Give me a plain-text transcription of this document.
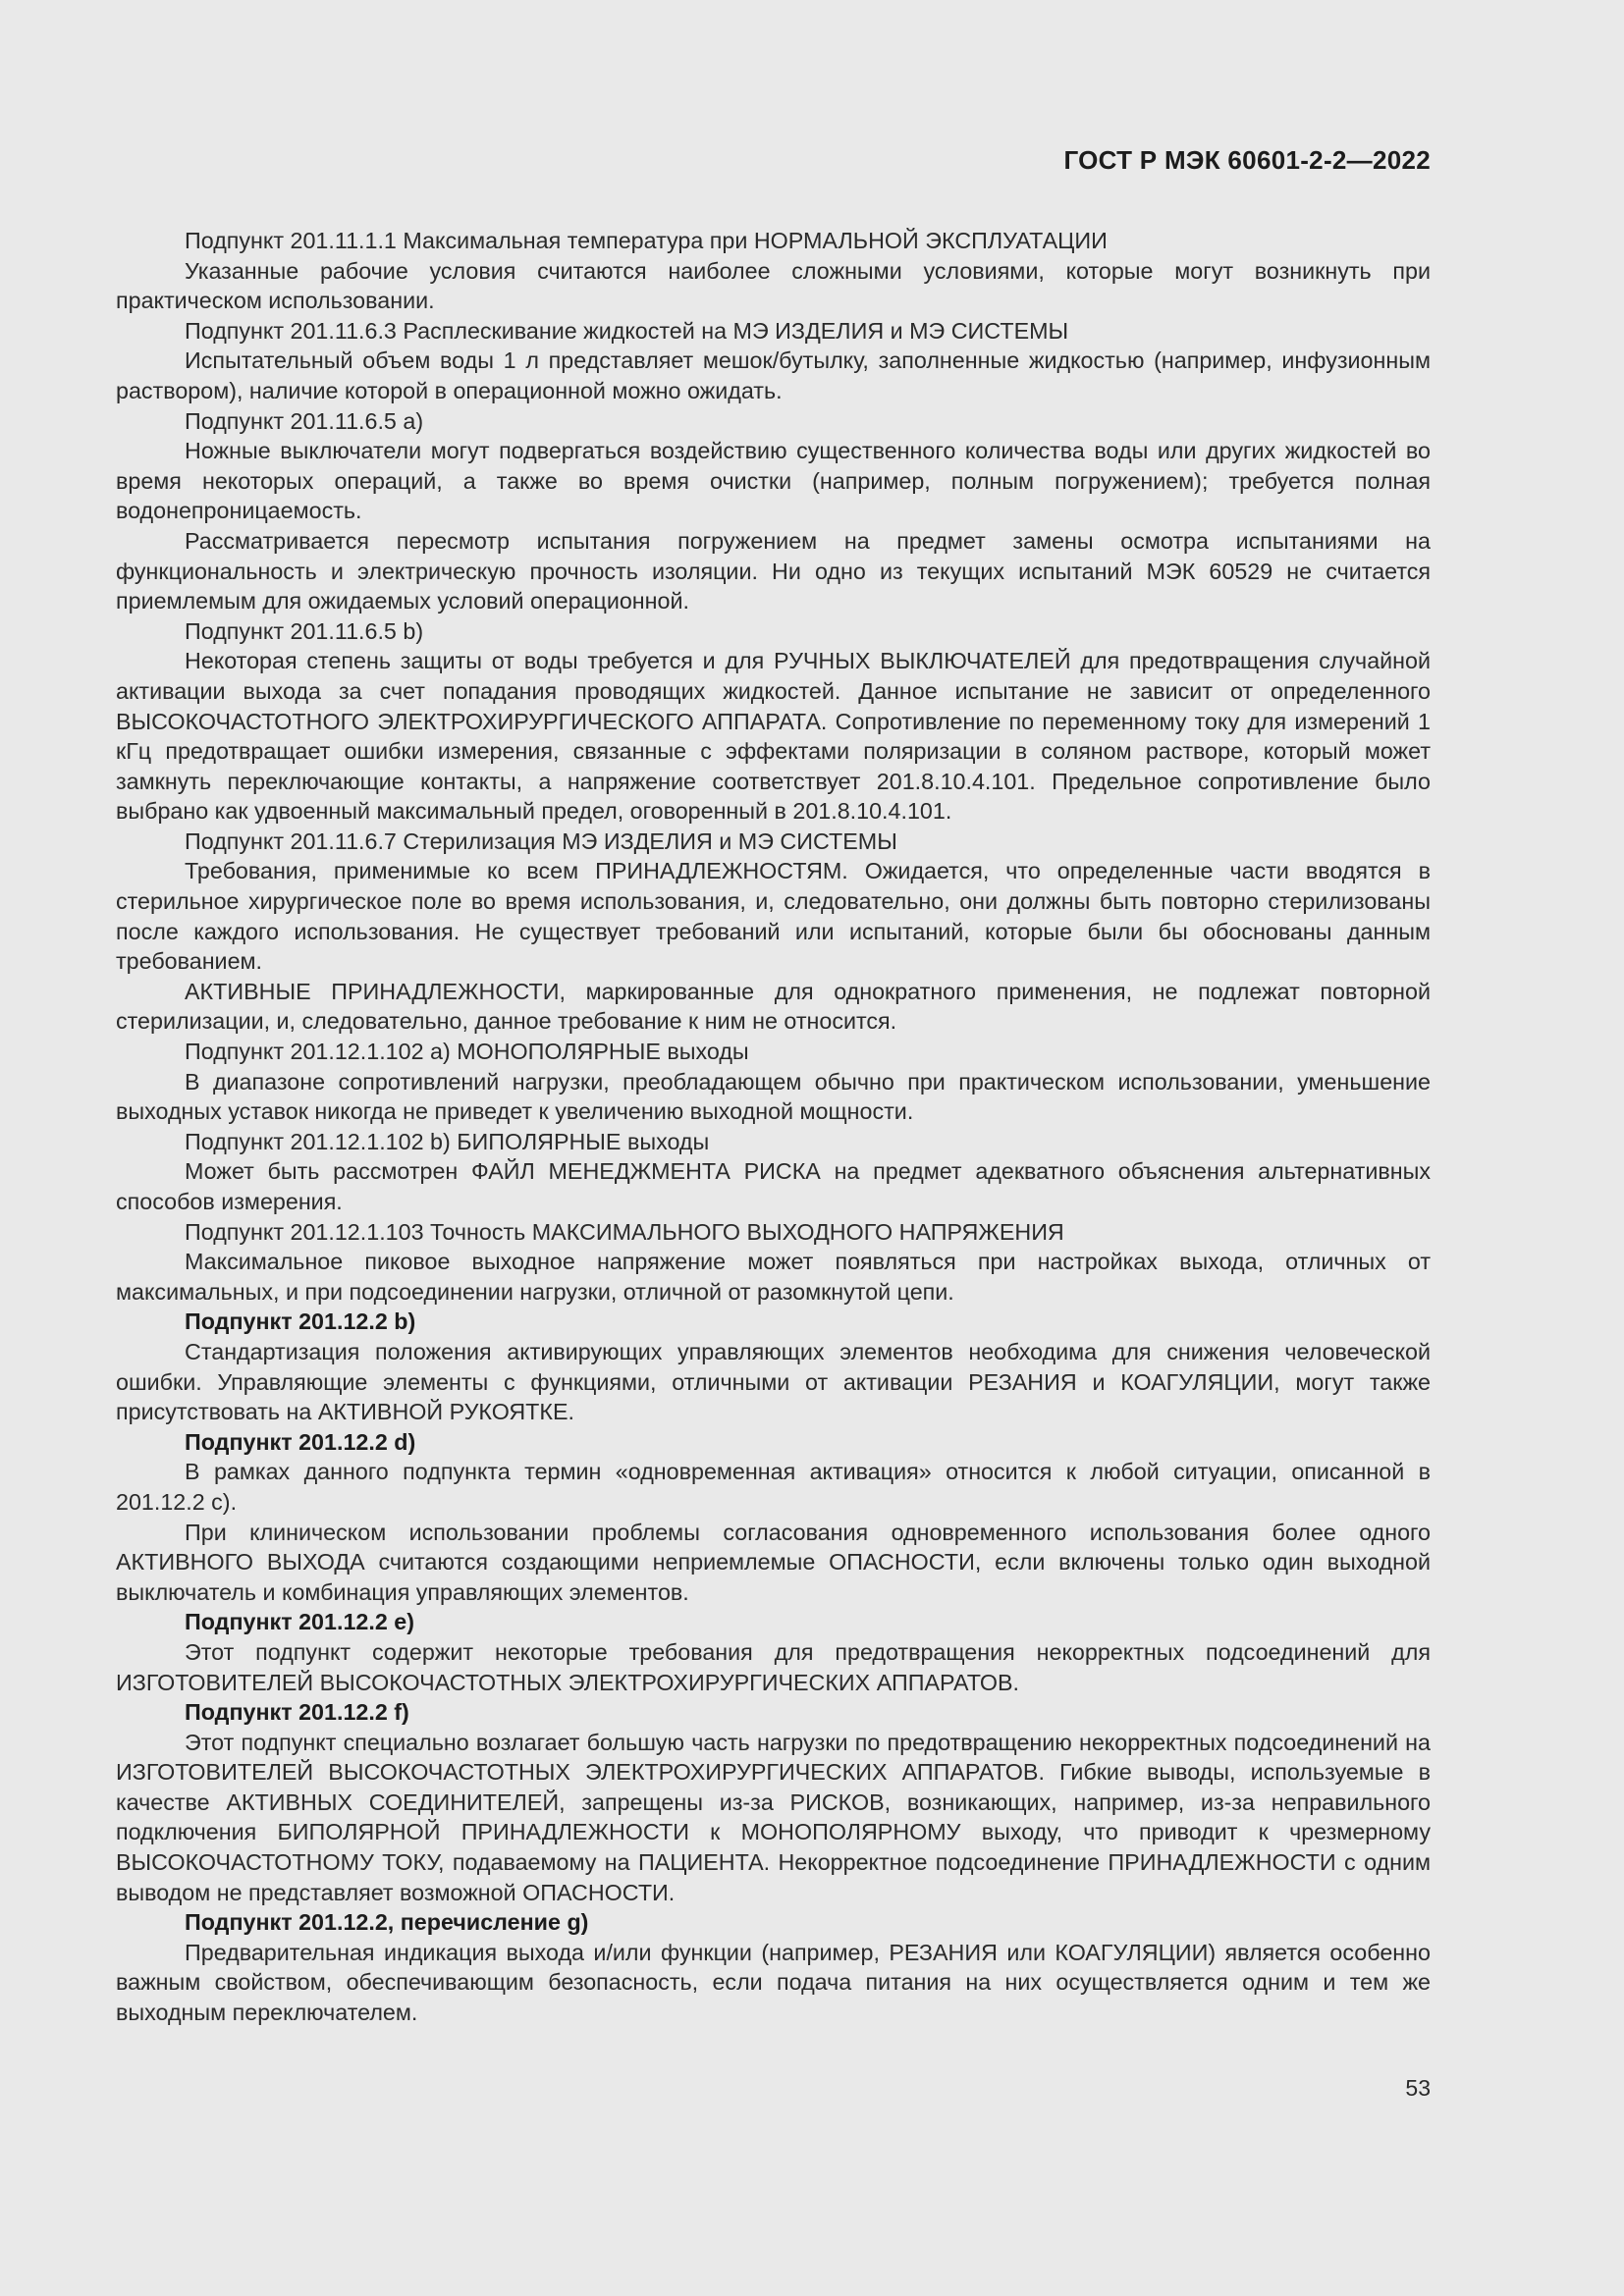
ГОСТ Р МЭК 60601-2-2—2022

Подпункт 201.11.1.1 Максимальная температура при НОРМАЛЬНОЙ ЭКСПЛУАТАЦИИ

Указанные рабочие условия считаются наиболее сложными условиями, которые могут возникнуть при практическом использовании.

Подпункт 201.11.6.3 Расплескивание жидкостей на МЭ ИЗДЕЛИЯ и МЭ СИСТЕМЫ

Испытательный объем воды 1 л представляет мешок/бутылку, заполненные жидкостью (например, инфузионным раствором), наличие которой в операционной можно ожидать.

Подпункт 201.11.6.5 а)

Ножные выключатели могут подвергаться воздействию существенного количества воды или других жидкостей во время некоторых операций, а также во время очистки (например, полным погружением); требуется полная водонепроницаемость.

Рассматривается пересмотр испытания погружением на предмет замены осмотра испытаниями на функциональность и электрическую прочность изоляции. Ни одно из текущих испытаний МЭК 60529 не считается приемлемым для ожидаемых условий операционной.

Подпункт 201.11.6.5 b)

Некоторая степень защиты от воды требуется и для РУЧНЫХ ВЫКЛЮЧАТЕЛЕЙ для предотвращения случайной активации выхода за счет попадания проводящих жидкостей. Данное испытание не зависит от определенного ВЫСОКОЧАСТОТНОГО ЭЛЕКТРОХИРУРГИЧЕСКОГО АППАРАТА. Сопротивление по переменному току для измерений 1 кГц предотвращает ошибки измерения, связанные с эффектами поляризации в соляном растворе, который может замкнуть переключающие контакты, а напряжение соответствует 201.8.10.4.101. Предельное сопротивление было выбрано как удвоенный максимальный предел, оговоренный в 201.8.10.4.101.

Подпункт 201.11.6.7 Стерилизация МЭ ИЗДЕЛИЯ и МЭ СИСТЕМЫ

Требования, применимые ко всем ПРИНАДЛЕЖНОСТЯМ. Ожидается, что определенные части вводятся в стерильное хирургическое поле во время использования, и, следовательно, они должны быть повторно стерилизованы после каждого использования. Не существует требований или испытаний, которые были бы обоснованы данным требованием.

АКТИВНЫЕ ПРИНАДЛЕЖНОСТИ, маркированные для однократного применения, не подлежат повторной стерилизации, и, следовательно, данное требование к ним не относится.

Подпункт 201.12.1.102 а) МОНОПОЛЯРНЫЕ выходы

В диапазоне сопротивлений нагрузки, преобладающем обычно при практическом использовании, уменьшение выходных уставок никогда не приведет к увеличению выходной мощности.

Подпункт 201.12.1.102 b) БИПОЛЯРНЫЕ выходы

Может быть рассмотрен ФАЙЛ МЕНЕДЖМЕНТА РИСКА на предмет адекватного объяснения альтернативных способов измерения.

Подпункт 201.12.1.103 Точность МАКСИМАЛЬНОГО ВЫХОДНОГО НАПРЯЖЕНИЯ

Максимальное пиковое выходное напряжение может появляться при настройках выхода, отличных от максимальных, и при подсоединении нагрузки, отличной от разомкнутой цепи.

Подпункт 201.12.2 b)

Стандартизация положения активирующих управляющих элементов необходима для снижения человеческой ошибки. Управляющие элементы с функциями, отличными от активации РЕЗАНИЯ и КОАГУЛЯЦИИ, могут также присутствовать на АКТИВНОЙ РУКОЯТКЕ.

Подпункт 201.12.2 d)

В рамках данного подпункта термин «одновременная активация» относится к любой ситуации, описанной в 201.12.2 с).

При клиническом использовании проблемы согласования одновременного использования более одного АКТИВНОГО ВЫХОДА считаются создающими неприемлемые ОПАСНОСТИ, если включены только один выходной выключатель и комбинация управляющих элементов.

Подпункт 201.12.2 е)

Этот подпункт содержит некоторые требования для предотвращения некорректных подсоединений для ИЗГОТОВИТЕЛЕЙ ВЫСОКОЧАСТОТНЫХ ЭЛЕКТРОХИРУРГИЧЕСКИХ АППАРАТОВ.

Подпункт 201.12.2 f)

Этот подпункт специально возлагает большую часть нагрузки по предотвращению некорректных подсоединений на ИЗГОТОВИТЕЛЕЙ ВЫСОКОЧАСТОТНЫХ ЭЛЕКТРОХИРУРГИЧЕСКИХ АППАРАТОВ. Гибкие выводы, используемые в качестве АКТИВНЫХ СОЕДИНИТЕЛЕЙ, запрещены из-за РИСКОВ, возникающих, например, из-за неправильного подключения БИПОЛЯРНОЙ ПРИНАДЛЕЖНОСТИ к МОНОПОЛЯРНОМУ выходу, что приводит к чрезмерному ВЫСОКОЧАСТОТНОМУ ТОКУ, подаваемому на ПАЦИЕНТА. Некорректное подсоединение ПРИНАДЛЕЖНОСТИ с одним выводом не представляет возможной ОПАСНОСТИ.

Подпункт 201.12.2, перечисление g)

Предварительная индикация выхода и/или функции (например, РЕЗАНИЯ или КОАГУЛЯЦИИ) является особенно важным свойством, обеспечивающим безопасность, если подача питания на них осуществляется одним и тем же выходным переключателем.

53
